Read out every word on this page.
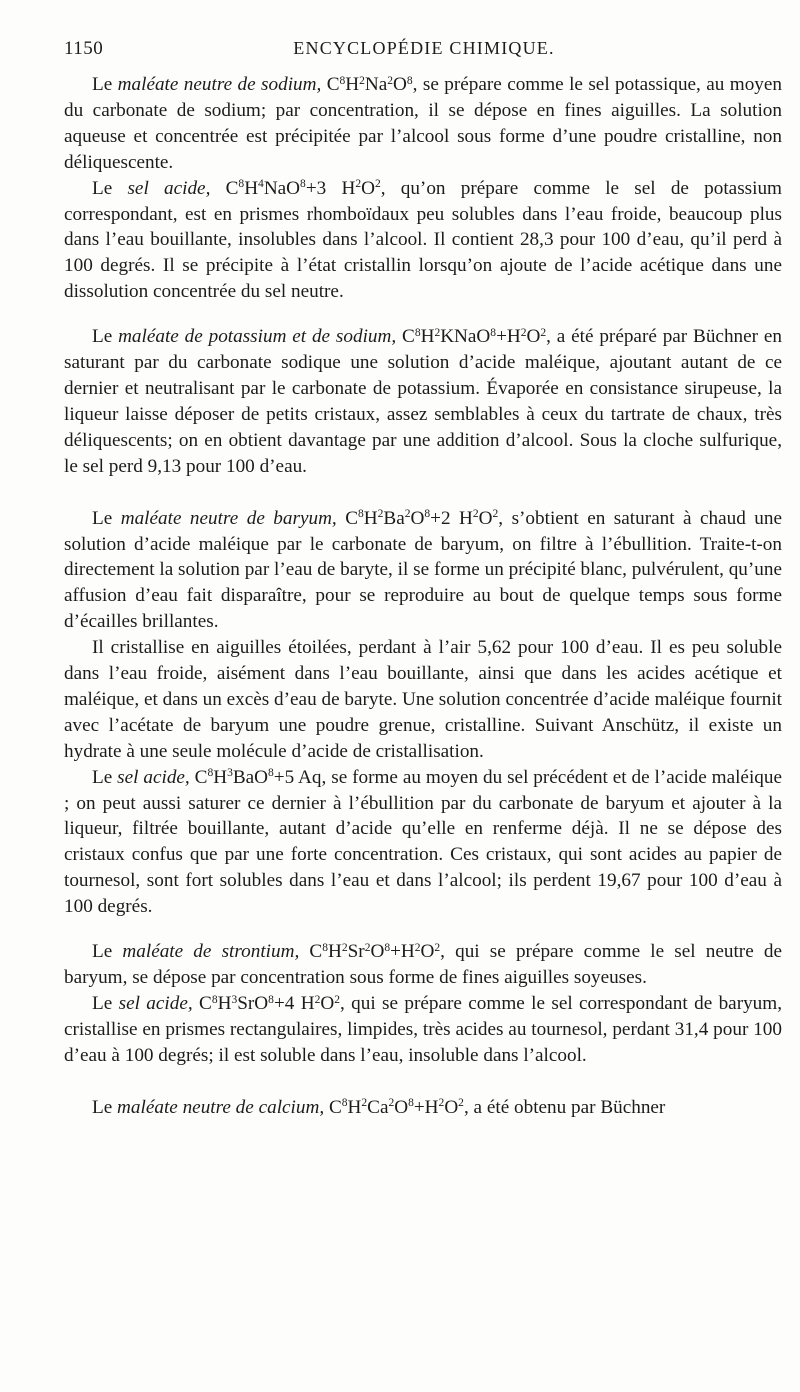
1150	ENCYCLOPÉDIE CHIMIQUE.

Le maléate neutre de sodium, $C^8H^2Na^2O^8$, se prépare comme le sel potassique, au moyen du carbonate de sodium; par concentration, il se dépose en fines aiguilles. La solution aqueuse et concentrée est précipitée par l’alcool sous forme d’une poudre cristalline, non déliquescente.

Le sel acide, $C^8H^4NaO^8+3$ $H^2O^2$, qu’on prépare comme le sel de potassium correspondant, est en prismes rhomboïdaux peu solubles dans l’eau froide, beaucoup plus dans l’eau bouillante, insolubles dans l’alcool. Il contient 28,3 pour 100 d’eau, qu’il perd à 100 degrés. Il se précipite à l’état cristallin lorsqu’on ajoute de l’acide acétique dans une dissolution concentrée du sel neutre.

Le maléate de potassium et de sodium, $C^8H^2KNaO^8+H^2O^2$, a été préparé par Büchner en saturant par du carbonate sodique une solution d’acide maléique, ajoutant autant de ce dernier et neutralisant par le carbonate de potassium. Évaporée en consistance sirupeuse, la liqueur laisse déposer de petits cristaux, assez semblables à ceux du tartrate de chaux, très déliquescents; on en obtient davantage par une addition d’alcool. Sous la cloche sulfurique, le sel perd 9,13 pour 100 d’eau.

Le maléate neutre de baryum, $C^8H^2Ba^2O^8+2$ $H^2O^2$, s’obtient en saturant à chaud une solution d’acide maléique par le carbonate de baryum, on filtre à l’ébullition. Traite-t-on directement la solution par l’eau de baryte, il se forme un précipité blanc, pulvérulent, qu’une affusion d’eau fait disparaître, pour se reproduire au bout de quelque temps sous forme d’écailles brillantes.

Il cristallise en aiguilles étoilées, perdant à l’air 5,62 pour 100 d’eau. Il es peu soluble dans l’eau froide, aisément dans l’eau bouillante, ainsi que dans les acides acétique et maléique, et dans un excès d’eau de baryte. Une solution concentrée d’acide maléique fournit avec l’acétate de baryum une poudre grenue, cristalline. Suivant Anschütz, il existe un hydrate à une seule molécule d’acide de cristallisation.

Le sel acide, $C^8H^3BaO^8+5$ Aq, se forme au moyen du sel précédent et de l’acide maléique ; on peut aussi saturer ce dernier à l’ébullition par du carbonate de baryum et ajouter à la liqueur, filtrée bouillante, autant d’acide qu’elle en renferme déjà. Il ne se dépose des cristaux confus que par une forte concentration. Ces cristaux, qui sont acides au papier de tournesol, sont fort solubles dans l’eau et dans l’alcool; ils perdent 19,67 pour 100 d’eau à 100 degrés.

Le maléate de strontium, $C^8H^2Sr^2O^8+H^2O^2$, qui se prépare comme le sel neutre de baryum, se dépose par concentration sous forme de fines aiguilles soyeuses.

Le sel acide, $C^8H^3SrO^8+4$ $H^2O^2$, qui se prépare comme le sel correspondant de baryum, cristallise en prismes rectangulaires, limpides, très acides au tournesol, perdant 31,4 pour 100 d’eau à 100 degrés; il est soluble dans l’eau, insoluble dans l’alcool.

Le maléate neutre de calcium, $C^8H^2Ca^2O^8+H^2O^2$, a été obtenu par Büchner
